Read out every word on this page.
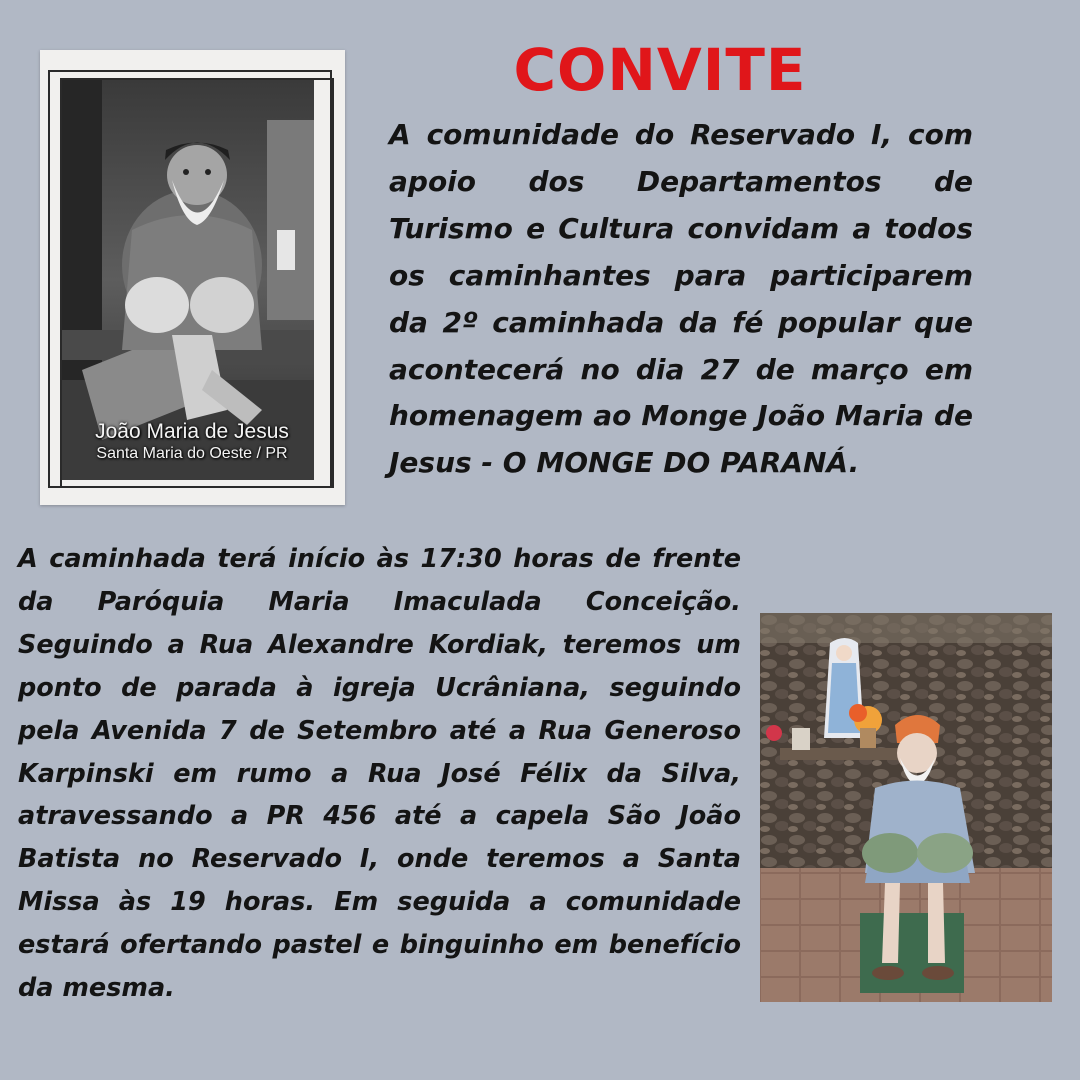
João Maria de Jesus
Santa Maria do Oeste / PR
CONVITE

A comunidade do Reservado I, com apoio dos Departamentos de Turismo e Cultura convidam a todos os caminhantes para participarem da 2º caminhada da fé popular que acontecerá no dia 27 de março em homenagem ao Monge João Maria de Jesus - O MONGE DO PARANÁ.

A caminhada terá início às 17:30 horas de frente da Paróquia Maria Imaculada Conceição. Seguindo a Rua Alexandre Kordiak, teremos um ponto de parada à igreja Ucrâniana, seguindo pela Avenida 7 de Setembro até a Rua Generoso Karpinski em rumo a Rua José Félix da Silva, atravessando a PR 456 até a capela São João Batista no Reservado I, onde teremos a Santa Missa às 19 horas. Em seguida a comunidade estará ofertando pastel e binguinho em benefício da mesma.
